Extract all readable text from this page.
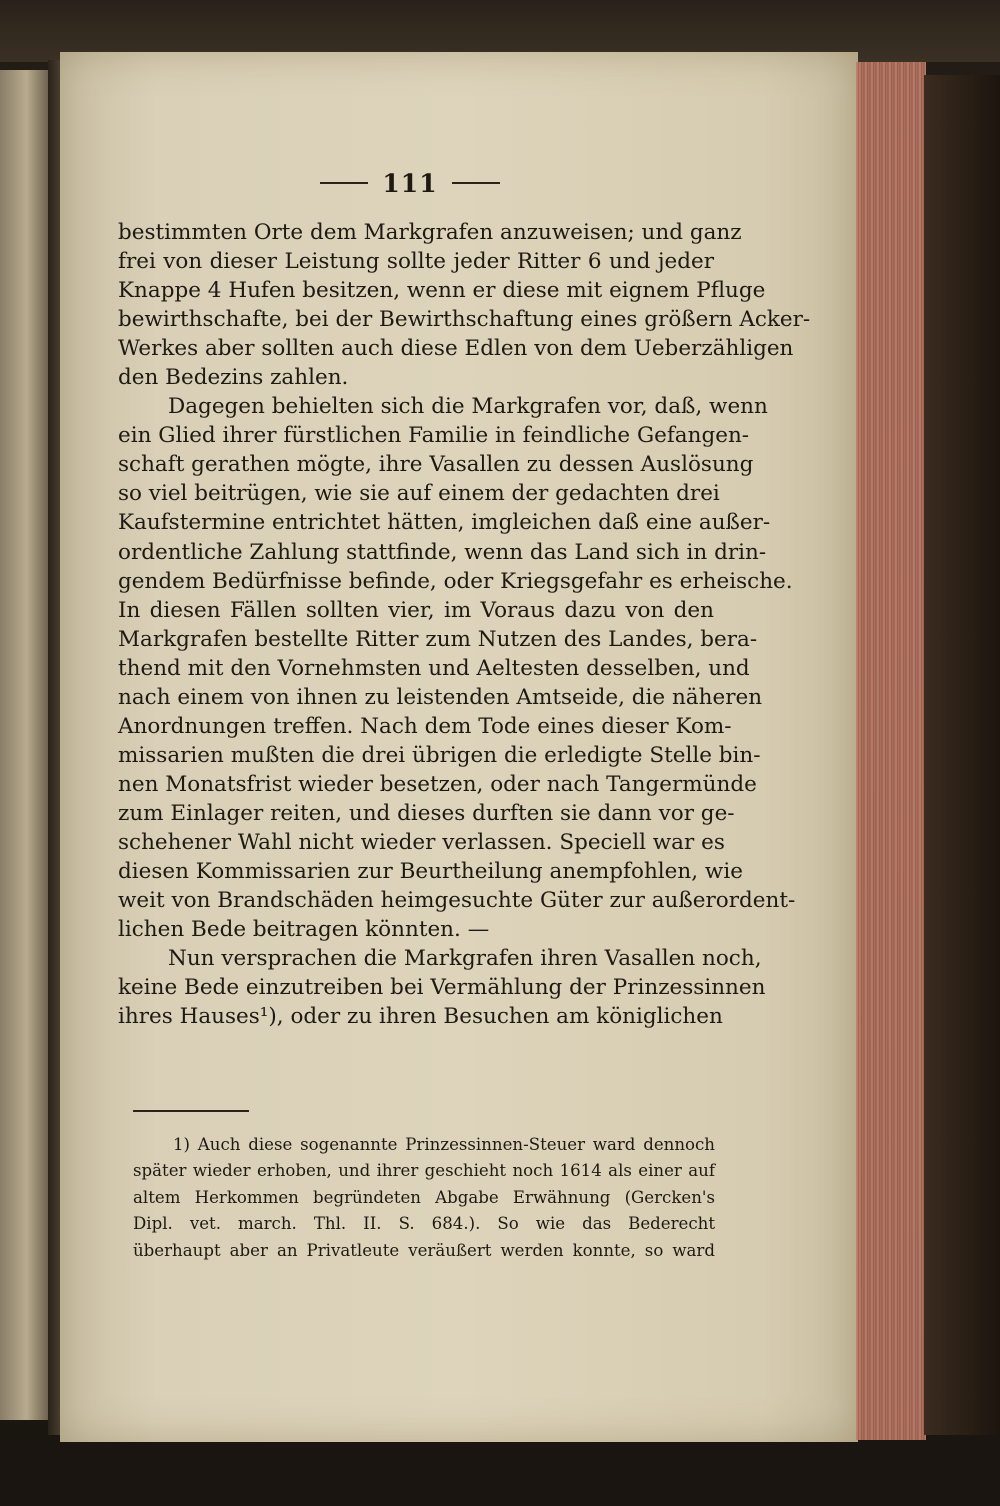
111
bestimmten Orte dem Markgrafen anzuweisen; und ganz
frei von dieser Leistung sollte jeder Ritter 6 und jeder
Knappe 4 Hufen besitzen, wenn er diese mit eignem Pfluge
bewirthschafte, bei der Bewirthschaftung eines größern Acker-
Werkes aber sollten auch diese Edlen von dem Ueberzähligen
den Bedezins zahlen.
Dagegen behielten sich die Markgrafen vor, daß, wenn
ein Glied ihrer fürstlichen Familie in feindliche Gefangen-
schaft gerathen mögte, ihre Vasallen zu dessen Auslösung
so viel beitrügen, wie sie auf einem der gedachten drei
Kaufstermine entrichtet hätten, imgleichen daß eine außer-
ordentliche Zahlung stattfinde, wenn das Land sich in drin-
gendem Bedürfnisse befinde, oder Kriegsgefahr es erheische.
In diesen Fällen sollten vier, im Voraus dazu von den
Markgrafen bestellte Ritter zum Nutzen des Landes, bera-
thend mit den Vornehmsten und Aeltesten desselben, und
nach einem von ihnen zu leistenden Amtseide, die näheren
Anordnungen treffen. Nach dem Tode eines dieser Kom-
missarien mußten die drei übrigen die erledigte Stelle bin-
nen Monatsfrist wieder besetzen, oder nach Tangermünde
zum Einlager reiten, und dieses durften sie dann vor ge-
schehener Wahl nicht wieder verlassen. Speciell war es
diesen Kommissarien zur Beurtheilung anempfohlen, wie
weit von Brandschäden heimgesuchte Güter zur außerordent-
lichen Bede beitragen könnten. —
Nun versprachen die Markgrafen ihren Vasallen noch,
keine Bede einzutreiben bei Vermählung der Prinzessinnen
ihres Hauses¹), oder zu ihren Besuchen am königlichen
1) Auch diese sogenannte Prinzessinnen-Steuer ward dennoch
später wieder erhoben, und ihrer geschieht noch 1614 als einer auf
altem Herkommen begründeten Abgabe Erwähnung (Gercken's
Dipl. vet. march. Thl. II. S. 684.). So wie das Bederecht
überhaupt aber an Privatleute veräußert werden konnte, so ward
